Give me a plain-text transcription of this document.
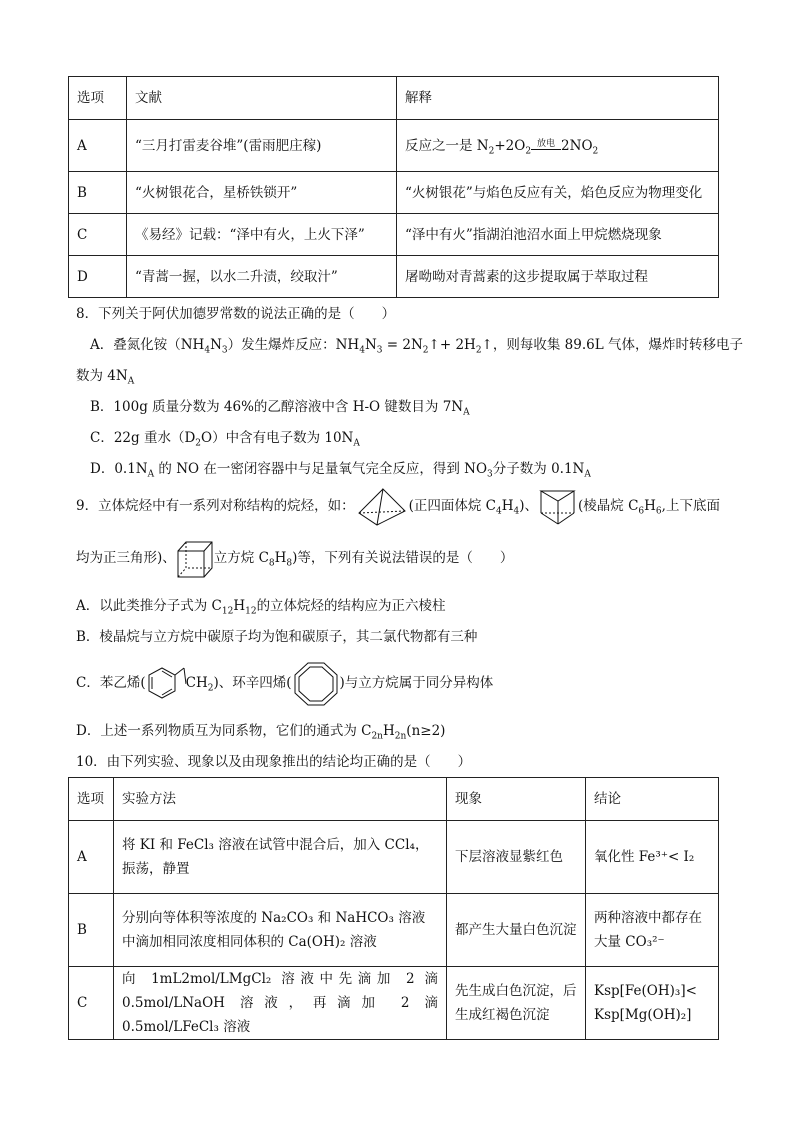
选项	文献	解释
A	“三月打雷麦谷堆”(雷雨肥庄稼)	反应之一是 $N_2+2O_2$放电 $2NO_2$
B	“火树银花合，星桥铁锁开”	“火树银花”与焰色反应有关，焰色反应为物理变化
C	《易经》记载：“泽中有火，上火下泽”	“泽中有火”指湖泊池沼水面上甲烷燃烧现象
D	“青蒿一握，以水二升渍，绞取汁”	屠呦呦对青蒿素的这步提取属于萃取过程
8．下列关于阿伏加德罗常数的说法正确的是（　　）
A．叠氮化铵$(NH_4N_3)$发生爆炸反应：$NH_4N_3$ = $2N_2↑+$ $2H_2↑$，则每收集 89.6L 气体，爆炸时转移电子
数为 $4N_A$
B．100g 质量分数为 46%的乙醇溶液中含 H-O 键数目为 $7N_A$
C．22g 重水$(D_2O)$中含有电子数为 $10N_A$
D．$0.1N_A$ 的 NO 在一密闭容器中与足量氧气完全反应，得到 $NO_3$分子数为 $0.1N_A$
9．立体烷烃中有一系列对称结构的烷烃，如：	(正四面体烷 $C_4H_4$)、	(棱晶烷 $C_6H_6$,上下底面
均为正三角形)、	立方烷 $C_8H_8$)等，下列有关说法错误的是（　　）
A．以此类推分子式为 $C_{12}H_{12}$的立体烷烃的结构应为正六棱柱
B．棱晶烷与立方烷中碳原子均为饱和碳原子，其二氯代物都有三种
C．苯乙烯(	$CH_2$)、环辛四烯(	)与立方烷属于同分异构体
D．上述一系列物质互为同系物，它们的通式为 $C_{2n}H_{2n}(n\ge 2)$
10．由下列实验、现象以及由现象推出的结论均正确的是（　　）
选项	实验方法	现象	结论
A	将 KI 和 FeCl₃ 溶液在试管中混合后，加入 CCl₄，振荡，静置	下层溶液显紫红色	氧化性 Fe³⁺< I₂
B	分别向等体积等浓度的 Na₂CO₃ 和 NaHCO₃ 溶液中滴加相同浓度相同体积的 Ca(OH)₂ 溶液	都产生大量白色沉淀	两种溶液中都存在大量 CO₃²⁻
C	向 1mL2mol/LMgCl₂ 溶液中先滴加 2 滴 0.5mol/LNaOH 溶液，再滴加 2 滴 0.5mol/LFeCl₃ 溶液	先生成白色沉淀，后生成红褐色沉淀	Ksp[Fe(OH)₃]< Ksp[Mg(OH)₂]
